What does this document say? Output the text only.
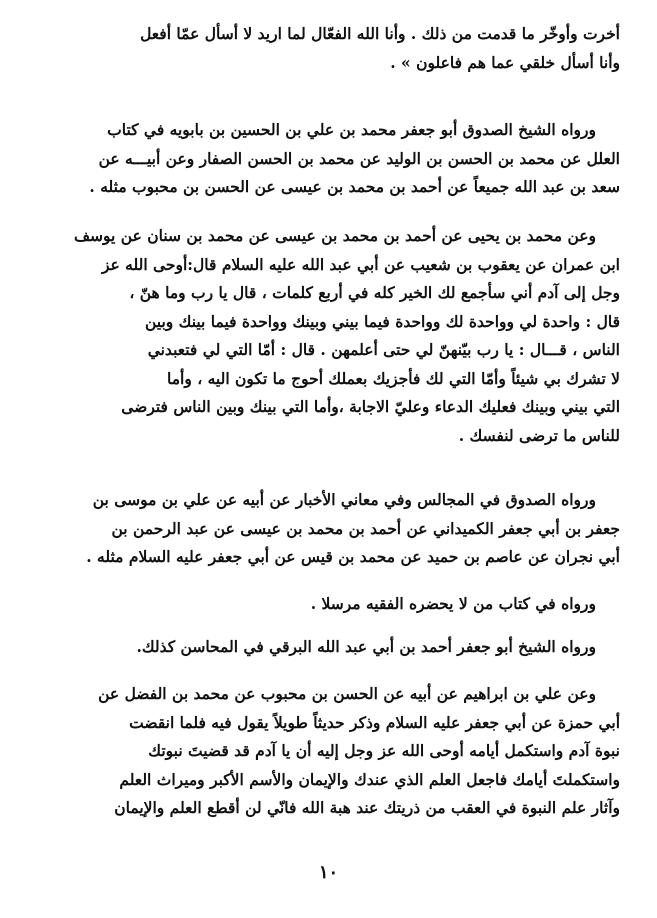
أخرت وأوخّر ما قدمت من ذلك . وأنا الله الفعّال لما اريد لا أسأل عمّا أفعل
وأنا أسأل خلقي عما هم فاعلون » .
ورواه الشيخ الصدوق أبو جعفر محمد بن علي بن الحسين بن بابويه في كتاب
العلل عن محمد بن الحسن بن الوليد عن محمد بن الحسن الصفار وعن أبيـــه عن
سعد بن عبد الله جميعاً عن أحمد بن محمد بن عيسى عن الحسن بن محبوب مثله .
وعن محمد بن يحيى عن أحمد بن محمد بن عيسى عن محمد بن سنان عن يوسف
ابن عمران عن يعقوب بن شعيب عن أبي عبد الله عليه السلام قال:أوحى الله عز
وجل إلى آدم أني سأجمع لك الخير كله في أربع كلمات ، قال يا رب وما هنّ ،
قال : واحدة لي وواحدة لك وواحدة فيما بيني وبينك وواحدة فيما بينك وبين
الناس ، قـــال : يا رب بيّنهنّ لي حتى أعلمهن . قال : أمّا التي لي فتعبدني
لا تشرك بي شيئاً وأمّا التي لك فأجزيك بعملك أحوج ما تكون اليه ، وأما
التي بيني وبينك فعليك الدعاء وعليّ الاجابة ،وأما التي بينك وبين الناس فترضى
للناس ما ترضى لنفسك .
ورواه الصدوق في المجالس وفي معاني الأخبار عن أبيه عن علي بن موسى بن
جعفر بن أبي جعفر الكميداني عن أحمد بن محمد بن عيسى عن عبد الرحمن بن
أبي نجران عن عاصم بن حميد عن محمد بن قيس عن أبي جعفر عليه السلام مثله .
ورواه في كتاب من لا يحضره الفقيه مرسلا .
ورواه الشيخ أبو جعفر أحمد بن أبي عبد الله البرقي في المحاسن كذلك.
وعن علي بن ابراهيم عن أبيه عن الحسن بن محبوب عن محمد بن الفضل عن
أبي حمزة عن أبي جعفر عليه السلام وذكر حديثاً طويلاً يقول فيه فلما انقضت
نبوة آدم واستكمل أيامه أوحى الله عز وجل إليه أن يا آدم قد قضيتَ نبوتك
واستكملتَ أيامك فاجعل العلم الذي عندك والإيمان والأسم الأكبر وميراث العلم
وآثار علم النبوة في العقب من ذريتك عند هبة الله فانّي لن أقطع العلم والإيمان
١٠
